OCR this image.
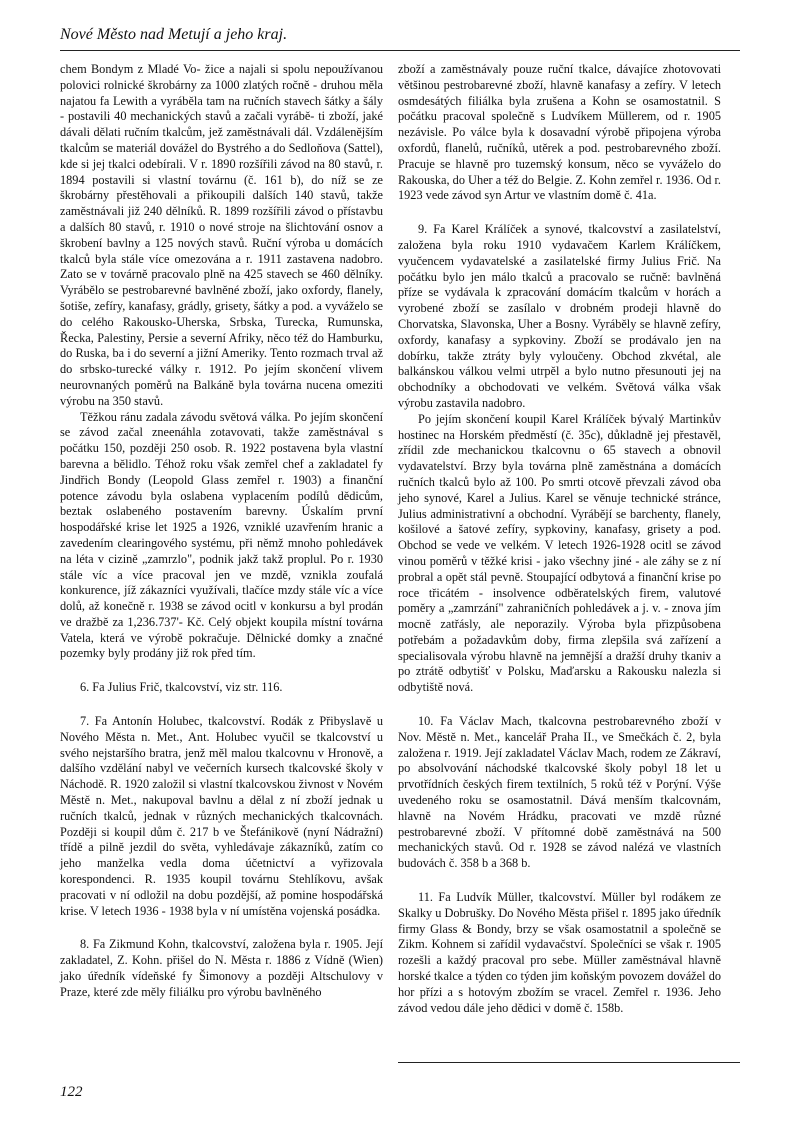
Nové Město nad Metují a jeho kraj.

chem Bondym z Mladé Vo- žice a najali si spolu nepoužívanou polovici rolnické škrobárny za 1000 zlatých ročně - druhou měla najatou fa Lewith a vyráběla tam na ručních stavech šátky a šály - postavili 40 mechanických stavů a začali vyrábě- ti zboží, jaké dávali dělati ručním tkalcům, jež zaměstnávali dál. Vzdálenějším tkalcům se materiál dovážel do Bystrého a do Sedloňova (Sattel), kde si jej tkalci odebírali. V r. 1890 rozšířili závod na 80 stavů, r. 1894 postavili si vlastní továrnu (č. 161 b), do níž se ze škrobárny přestěhovali a přikoupili dalších 140 stavů, takže zaměstnávali již 240 dělníků. R. 1899 rozšířili závod o přístavbu a dalších 80 stavů, r. 1910 o nové stroje na šlichtování osnov a škrobení bavlny a 125 nových stavů. Ruční výroba u domácích tkalců byla stále více omezována a r. 1911 zastavena nadobro. Zato se v továrně pracovalo plně na 425 stavech se 460 dělníky. Vyrábělo se pestrobarevné bavlněné zboží, jako oxfordy, flanely, šotiše, zefíry, kanafasy, grádly, grisety, šátky a pod. a vyváželo se do celého Rakousko-Uherska, Srbska, Turecka, Rumunska, Řecka, Palestiny, Persie a severní Afriky, něco též do Hamburku, do Ruska, ba i do severní a jižní Ameriky. Tento rozmach trval až do srbsko-turecké války r. 1912. Po jejím skončení vlivem neurovnaných poměrů na Balkáně byla továrna nucena omeziti výrobu na 350 stavů.

Těžkou ránu zadala závodu světová válka. Po jejím skončení se závod začal zneenáhla zotavovati, takže zaměstnával s počátku 150, později 250 osob. R. 1922 postavena byla vlastní barevna a bělidlo. Téhož roku však zemřel chef a zakladatel fy Jindřich Bondy (Leopold Glass zemřel r. 1903) a finanční potence závodu byla oslabena vyplacením podílů dědicům, beztak oslabeného postavením barevny. Úskalím první hospodářské krise let 1925 a 1926, vzniklé uzavřením hranic a zavedením clearingového systému, při němž mnoho pohledávek na léta v cizině „zamrzlo", podnik jakž takž proplul. Po r. 1930 stále víc a více pracoval jen ve mzdě, vznikla zoufalá konkurence, jíž zákazníci využívali, tlačíce mzdy stále víc a více dolů, až konečně r. 1938 se závod ocitl v konkursu a byl prodán ve dražbě za 1,236.737'- Kč. Celý objekt koupila místní továrna Vatela, která ve výrobě pokračuje. Dělnické domky a značné pozemky byly prodány již rok před tím.

6. Fa Julius Frič, tkalcovství, viz str. 116.

7. Fa Antonín Holubec, tkalcovství. Rodák z Přibyslavě u Nového Města n. Met., Ant. Holubec vyučil se tkalcovství u svého nejstaršího bratra, jenž měl malou tkalcovnu v Hronově, a dalšího vzdělání nabyl ve večerních kursech tkalcovské školy v Náchodě. R. 1920 založil si vlastní tkalcovskou živnost v Novém Městě n. Met., nakupoval bavlnu a dělal z ní zboží jednak u ručních tkalců, jednak v různých mechanických tkalcovnách. Později si koupil dům č. 217 b ve Štefánikově (nyní Nádražní) třídě a pilně jezdil do světa, vyhledávaje zákazníků, zatím co jeho manželka vedla doma účetnictví a vyřizovala korespondenci. R. 1935 koupil továrnu Stehlíkovu, avšak pracovati v ní odložil na dobu pozdější, až pomine hospodářská krise. V letech 1936 - 1938 byla v ní umístěna vojenská posádka.

8. Fa Zikmund Kohn, tkalcovství, založena byla r. 1905. Její zakladatel, Z. Kohn. přišel do N. Města r. 1886 z Vídně (Wien) jako úředník vídeňské fy Šimonovy a později Altschulovy v Praze, které zde měly filiálku pro výrobu bavlněného

zboží a zaměstnávaly pouze ruční tkalce, dávajíce zhotovovati většinou pestrobarevné zboží, hlavně kanafasy a zefíry. V letech osmdesátých filiálka byla zrušena a Kohn se osamostatnil. S počátku pracoval společně s Ludvíkem Müllerem, od r. 1905 nezávisle. Po válce byla k dosavadní výrobě připojena výroba oxfordů, flanelů, ručníků, utěrek a pod. pestrobarevného zboží. Pracuje se hlavně pro tuzemský konsum, něco se vyváželo do Rakouska, do Uher a též do Belgie. Z. Kohn zemřel r. 1936. Od r. 1923 vede závod syn Artur ve vlastním domě č. 41a.

9. Fa Karel Králíček a synové, tkalcovství a zasilatelství, založena byla roku 1910 vydavačem Karlem Králíčkem, vyučencem vydavatelské a zasilatelské firmy Julius Frič. Na počátku bylo jen málo tkalců a pracovalo se ručně: bavlněná příze se vydávala k zpracování domácím tkalcům v horách a vyrobené zboží se zasílalo v drobném prodeji hlavně do Chorvatska, Slavonska, Uher a Bosny. Vyráběly se hlavně zefíry, oxfordy, kanafasy a sypkoviny. Zboží se prodávalo jen na dobírku, takže ztráty byly vyloučeny. Obchod zkvétal, ale balkánskou válkou velmi utrpěl a bylo nutno přesunouti jej na obchodníky a obchodovati ve velkém. Světová válka však výrobu zastavila nadobro.

Po jejím skončení koupil Karel Králíček bývalý Martinkův hostinec na Horském předměstí (č. 35c), důkladně jej přestavěl, zřídil zde mechanickou tkalcovnu o 65 stavech a obnovil vydavatelství. Brzy byla továrna plně zaměstnána a domácích ručních tkalců bylo až 100. Po smrti otcově převzali závod oba jeho synové, Karel a Julius. Karel se věnuje technické stránce, Julius administrativní a obchodní. Vyrábějí se barchenty, flanely, košilové a šatové zefíry, sypkoviny, kanafasy, grisety a pod. Obchod se vede ve velkém. V letech 1926-1928 ocitl se závod vinou poměrů v těžké krisi - jako všechny jiné - ale záhy se z ní probral a opět stál pevně. Stoupající odbytová a finanční krise po roce třicátém - insolvence odběratelských firem, valutové poměry a „zamrzání" zahraničních pohledávek a j. v. - znova jím mocně zatřásly, ale neporazily. Výroba byla přizpůsobena potřebám a požadavkům doby, firma zlepšila svá zařízení a specialisovala výrobu hlavně na jemnější a dražší druhy tkaniv a po ztrátě odbytišť v Polsku, Maďarsku a Rakousku nalezla si odbytiště nová.

10. Fa Václav Mach, tkalcovna pestrobarevného zboží v Nov. Městě n. Met., kancelář Praha II., ve Smečkách č. 2, byla založena r. 1919. Její zakladatel Václav Mach, rodem ze Zákraví, po absolvování náchodské tkalcovské školy pobyl 18 let u prvotřídních českých firem textilních, 5 roků též v Porýní. Výše uvedeného roku se osamostatnil. Dává menším tkalcovnám, hlavně na Novém Hrádku, pracovati ve mzdě různé pestrobarevné zboží. V přítomné době zaměstnává na 500 mechanických stavů. Od r. 1928 se závod nalézá ve vlastních budovách č. 358 b a 368 b.

11. Fa Ludvík Müller, tkalcovství. Müller byl rodákem ze Skalky u Dobrušky. Do Nového Města přišel r. 1895 jako úředník firmy Glass & Bondy, brzy se však osamostatnil a společně se Zikm. Kohnem si zařídil vydavačství. Společníci se však r. 1905 rozešli a každý pracoval pro sebe. Müller zaměstnával hlavně horské tkalce a týden co týden jim koňským povozem dovážel do hor přízi a s hotovým zbožím se vracel. Zemřel r. 1936. Jeho závod vedou dále jeho dědici v domě č. 158b.

122
